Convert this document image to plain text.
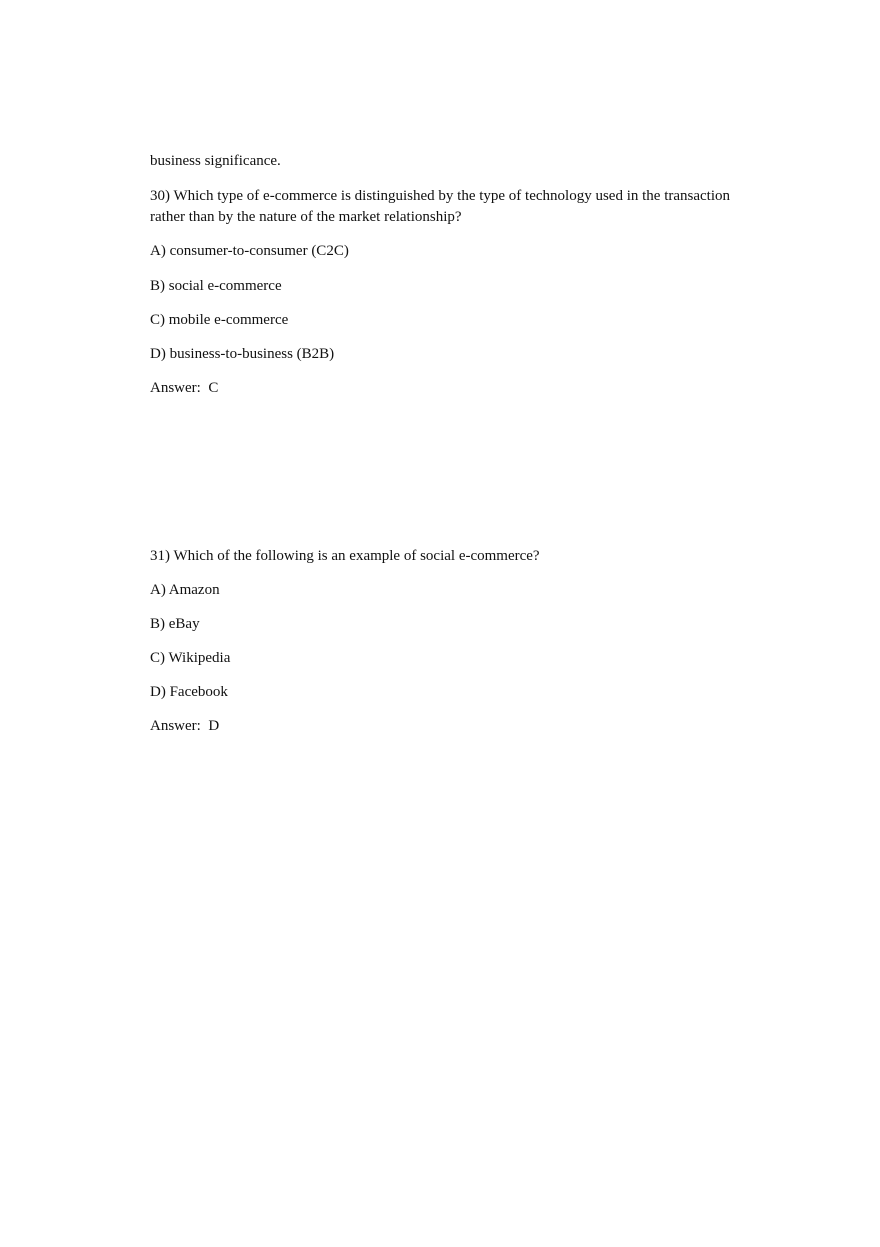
business significance.
30) Which type of e-commerce is distinguished by the type of technology used in the transaction rather than by the nature of the market relationship?
A) consumer-to-consumer (C2C)
B) social e-commerce
C) mobile e-commerce
D) business-to-business (B2B)
Answer:  C
31) Which of the following is an example of social e-commerce?
A) Amazon
B) eBay
C) Wikipedia
D) Facebook
Answer:  D
